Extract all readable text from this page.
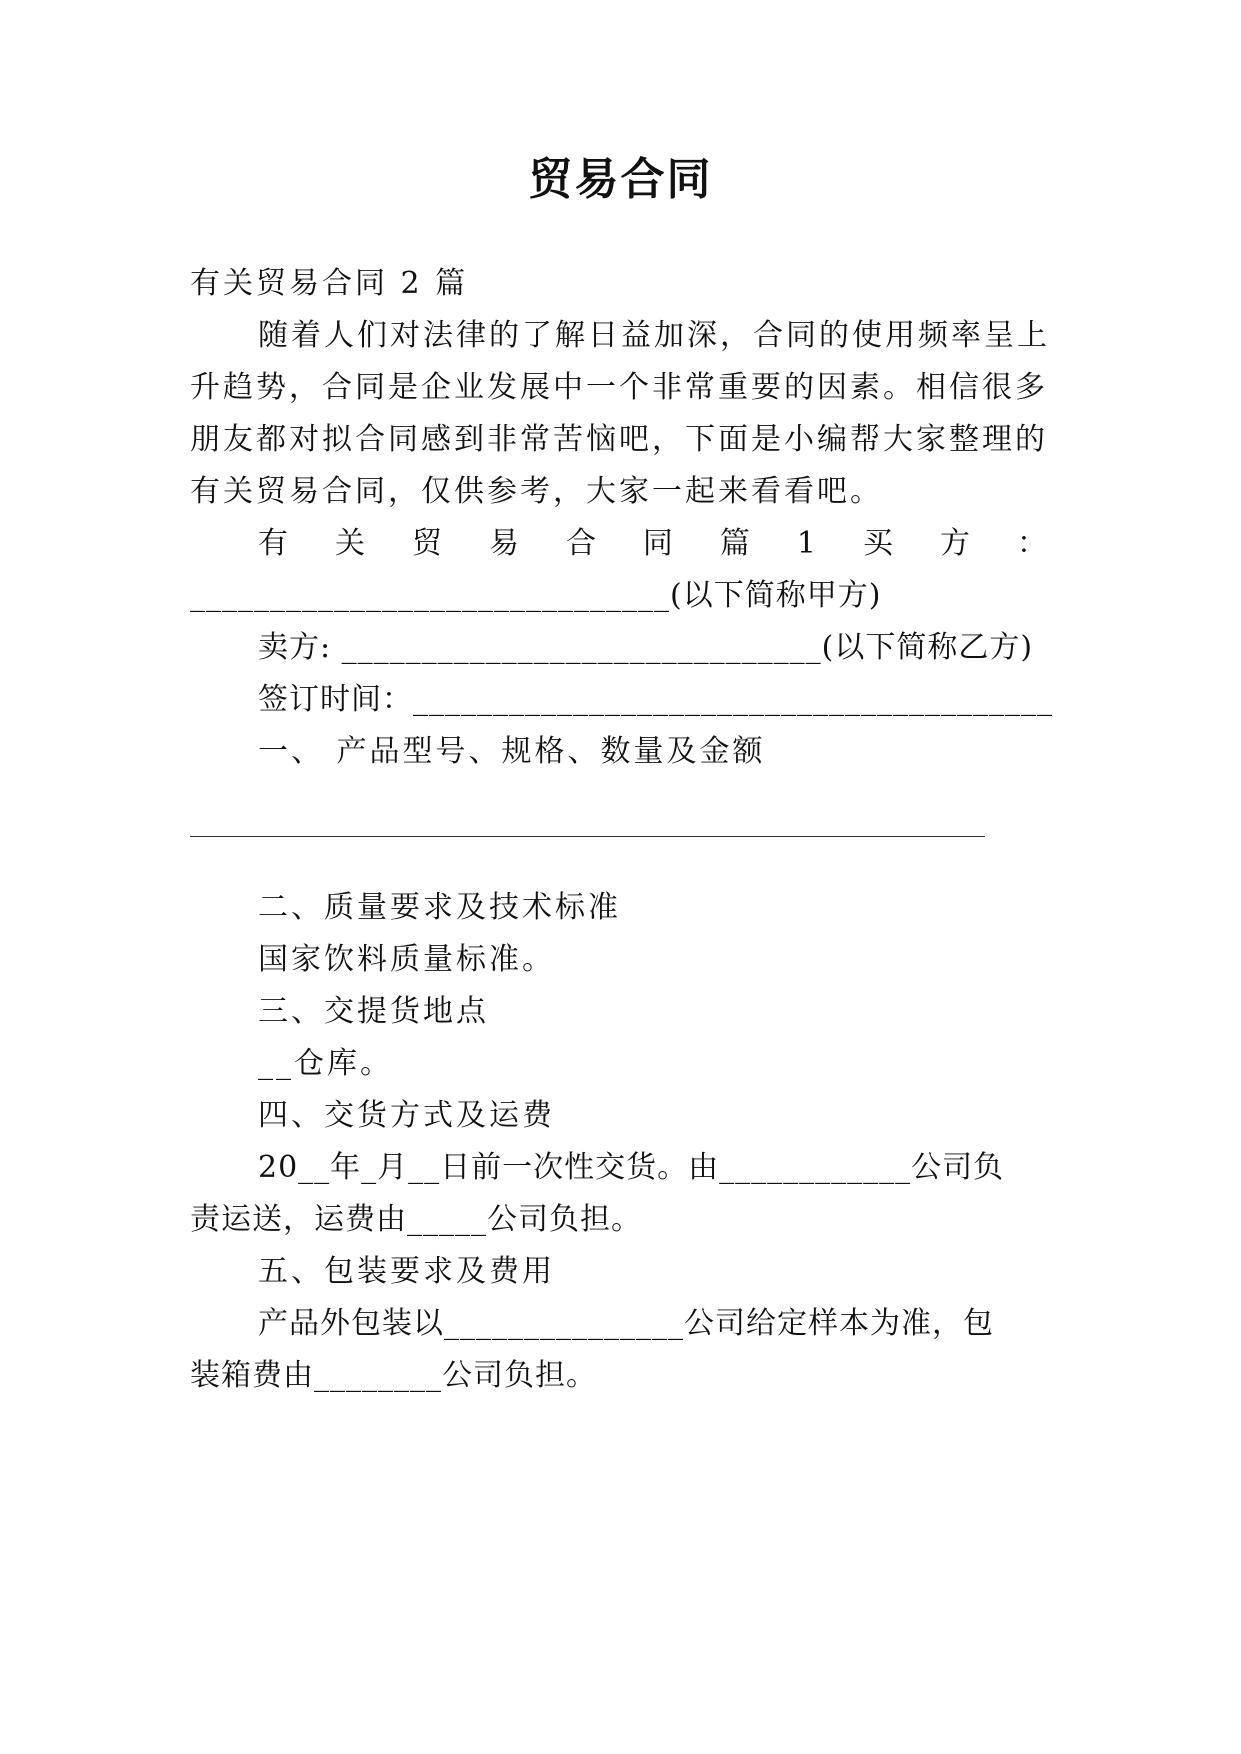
贸易合同
有关贸易合同 2 篇
随着人们对法律的了解日益加深，合同的使用频率呈上
升趋势，合同是企业发展中一个非常重要的因素。相信很多
朋友都对拟合同感到非常苦恼吧，下面是小编帮大家整理的
有关贸易合同，仅供参考，大家一起来看看吧。
有 关 贸 易 合 同 篇 1 买 方 ：
______________________________(以下简称甲方)
卖方: ______________________________(以下简称乙方)
签订时间：________________________________________
一、 产品型号、规格、数量及金额
二、质量要求及技术标准
国家饮料质量标准。
三、交提货地点
__仓库。
四、交货方式及运费
20__年_月__日前一次性交货。由____________公司负
责运送，运费由_____公司负担。
五、包装要求及费用
产品外包装以_______________公司给定样本为准，包
装箱费由________公司负担。
